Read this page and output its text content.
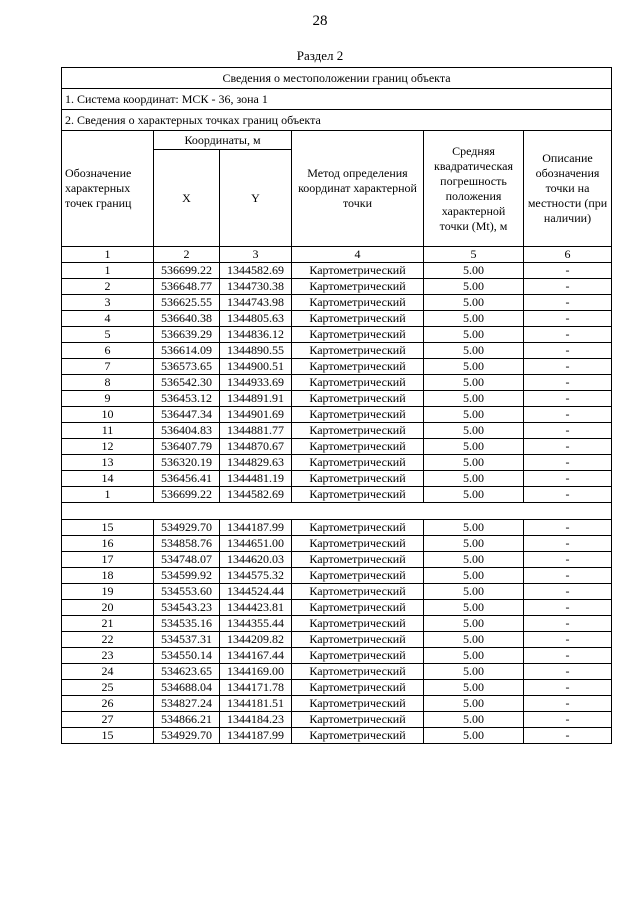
28
Раздел 2
Сведения о местоположении границ объекта					
1. Система координат: МСК - 36, зона 1					
2. Сведения о характерных точках границ объекта					
Обозначение характерных точек границ	Координаты, м		Метод определения координат характерной точки	Средняя квадратическая погрешность положения характерной точки (Mt), м	Описание обозначения точки на местности (при наличии)
	X	Y			
1	2	3	4	5	6
1	536699.22	1344582.69	Картометрический	5.00	-
2	536648.77	1344730.38	Картометрический	5.00	-
3	536625.55	1344743.98	Картометрический	5.00	-
4	536640.38	1344805.63	Картометрический	5.00	-
5	536639.29	1344836.12	Картометрический	5.00	-
6	536614.09	1344890.55	Картометрический	5.00	-
7	536573.65	1344900.51	Картометрический	5.00	-
8	536542.30	1344933.69	Картометрический	5.00	-
9	536453.12	1344891.91	Картометрический	5.00	-
10	536447.34	1344901.69	Картометрический	5.00	-
11	536404.83	1344881.77	Картометрический	5.00	-
12	536407.79	1344870.67	Картометрический	5.00	-
13	536320.19	1344829.63	Картометрический	5.00	-
14	536456.41	1344481.19	Картометрический	5.00	-
1	536699.22	1344582.69	Картометрический	5.00	-

15	534929.70	1344187.99	Картометрический	5.00	-
16	534858.76	1344651.00	Картометрический	5.00	-
17	534748.07	1344620.03	Картометрический	5.00	-
18	534599.92	1344575.32	Картометрический	5.00	-
19	534553.60	1344524.44	Картометрический	5.00	-
20	534543.23	1344423.81	Картометрический	5.00	-
21	534535.16	1344355.44	Картометрический	5.00	-
22	534537.31	1344209.82	Картометрический	5.00	-
23	534550.14	1344167.44	Картометрический	5.00	-
24	534623.65	1344169.00	Картометрический	5.00	-
25	534688.04	1344171.78	Картометрический	5.00	-
26	534827.24	1344181.51	Картометрический	5.00	-
27	534866.21	1344184.23	Картометрический	5.00	-
15	534929.70	1344187.99	Картометрический	5.00	-
